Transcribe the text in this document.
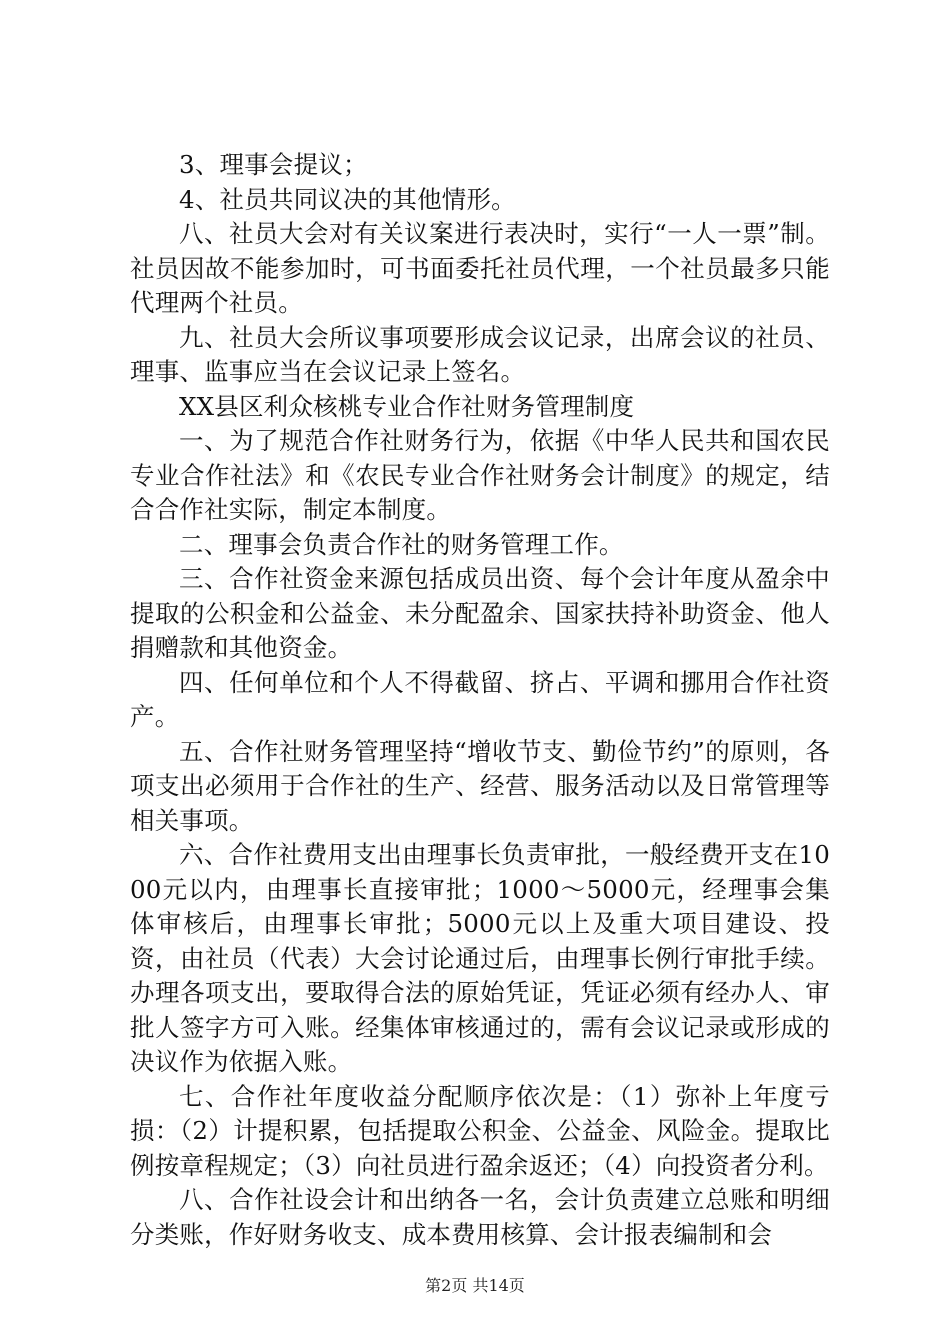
3、理事会提议；

4、社员共同议决的其他情形。

八、社员大会对有关议案进行表决时，实行“一人一票”制。社员因故不能参加时，可书面委托社员代理，一个社员最多只能代理两个社员。

九、社员大会所议事项要形成会议记录，出席会议的社员、理事、监事应当在会议记录上签名。

XX县区利众核桃专业合作社财务管理制度

一、为了规范合作社财务行为，依据《中华人民共和国农民专业合作社法》和《农民专业合作社财务会计制度》的规定，结合合作社实际，制定本制度。

二、理事会负责合作社的财务管理工作。

三、合作社资金来源包括成员出资、每个会计年度从盈余中提取的公积金和公益金、未分配盈余、国家扶持补助资金、他人捐赠款和其他资金。

四、任何单位和个人不得截留、挤占、平调和挪用合作社资产。

五、合作社财务管理坚持“增收节支、勤俭节约”的原则，各项支出必须用于合作社的生产、经营、服务活动以及日常管理等相关事项。

六、合作社费用支出由理事长负责审批，一般经费开支在1000元以内，由理事长直接审批；1000～5000元，经理事会集体审核后，由理事长审批；5000元以上及重大项目建设、投资，由社员（代表）大会讨论通过后，由理事长例行审批手续。办理各项支出，要取得合法的原始凭证，凭证必须有经办人、审批人签字方可入账。经集体审核通过的，需有会议记录或形成的决议作为依据入账。

七、合作社年度收益分配顺序依次是：（1）弥补上年度亏损：（2）计提积累，包括提取公积金、公益金、风险金。提取比例按章程规定；（3）向社员进行盈余返还；（4）向投资者分利。

八、合作社设会计和出纳各一名，会计负责建立总账和明细分类账，作好财务收支、成本费用核算、会计报表编制和会

第2页 共14页
